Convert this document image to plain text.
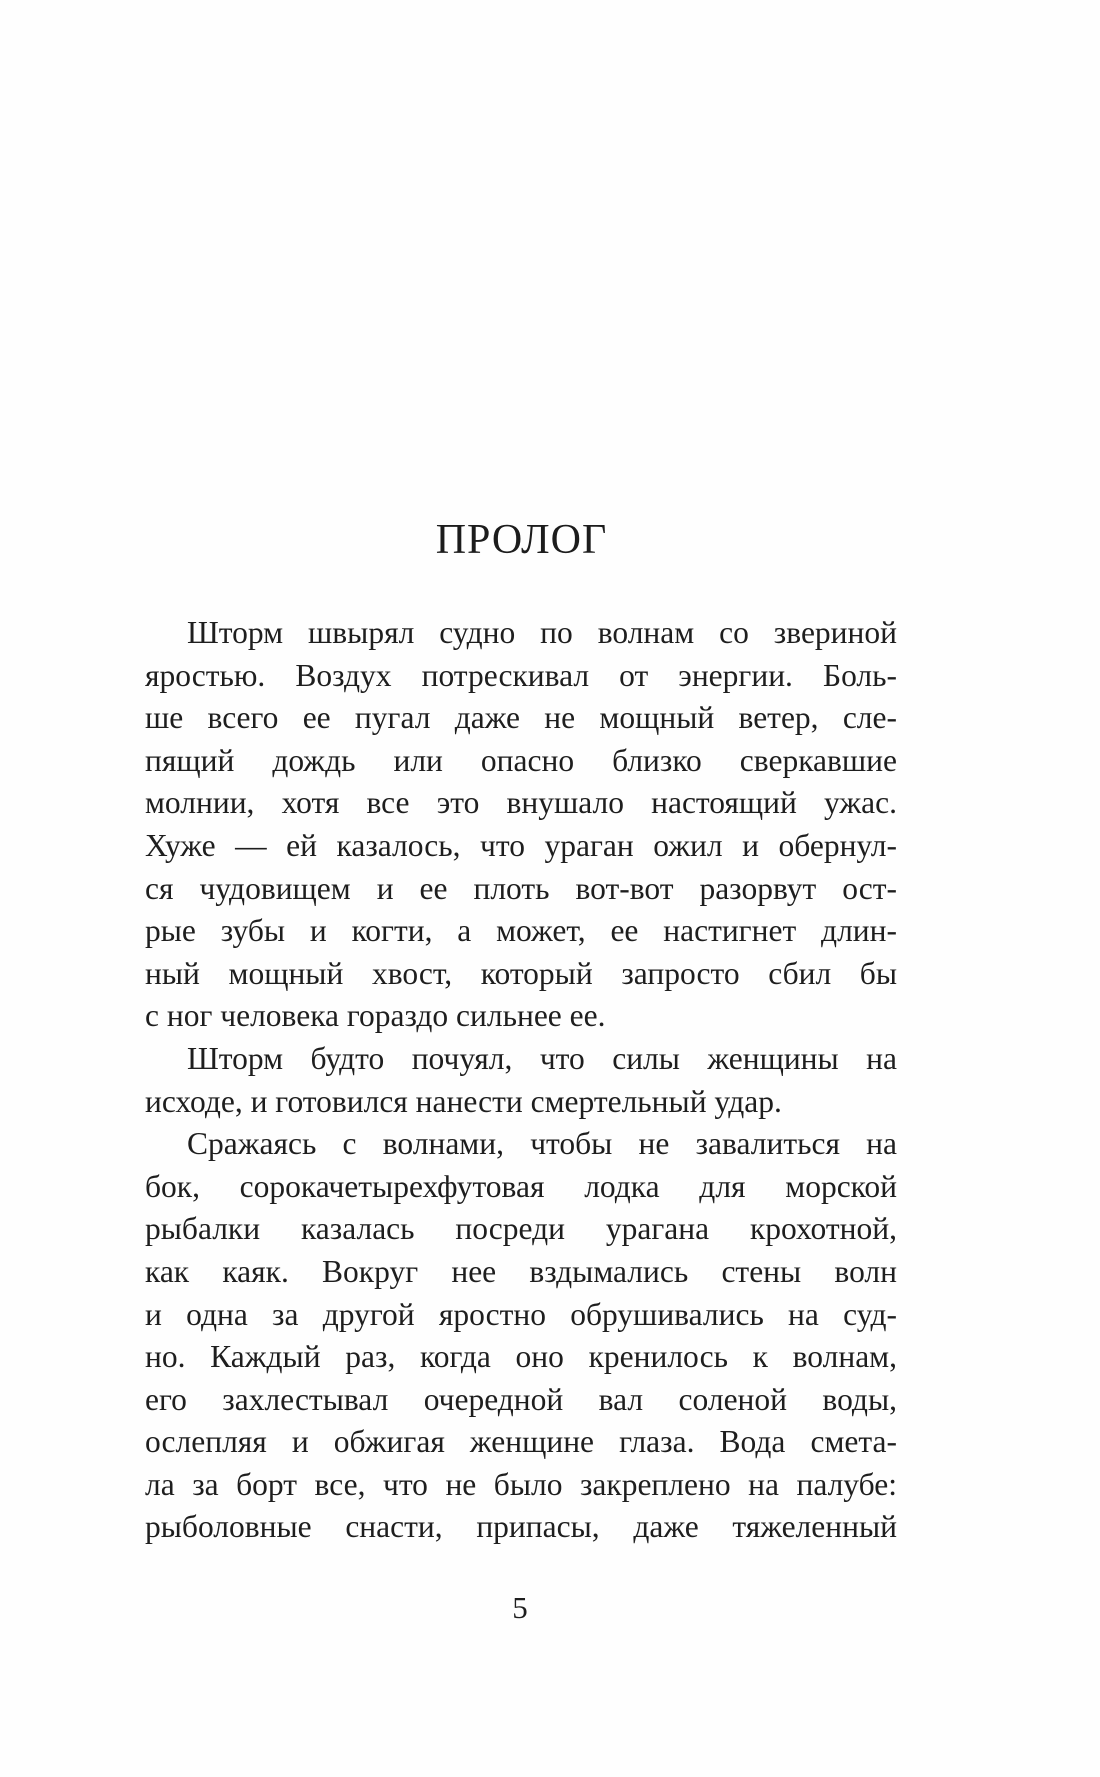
ПРОЛОГ
Шторм швырял судно по волнам со звериной
яростью. Воздух потрескивал от энергии. Боль-
ше всего ее пугал даже не мощный ветер, сле-
пящий дождь или опасно близко сверкавшие
молнии, хотя все это внушало настоящий ужас.
Хуже — ей казалось, что ураган ожил и обернул-
ся чудовищем и ее плоть вот-вот разорвут ост-
рые зубы и когти, а может, ее настигнет длин-
ный мощный хвост, который запросто сбил бы
с ног человека гораздо сильнее ее.
Шторм будто почуял, что силы женщины на
исходе, и готовился нанести смертельный удар.
Сражаясь с волнами, чтобы не завалиться на
бок, сорокачетырехфутовая лодка для морской
рыбалки казалась посреди урагана крохотной,
как каяк. Вокруг нее вздымались стены волн
и одна за другой яростно обрушивались на суд-
но. Каждый раз, когда оно кренилось к волнам,
его захлестывал очередной вал соленой воды,
ослепляя и обжигая женщине глаза. Вода смета-
ла за борт все, что не было закреплено на палубе:
рыболовные снасти, припасы, даже тяжеленный
5
